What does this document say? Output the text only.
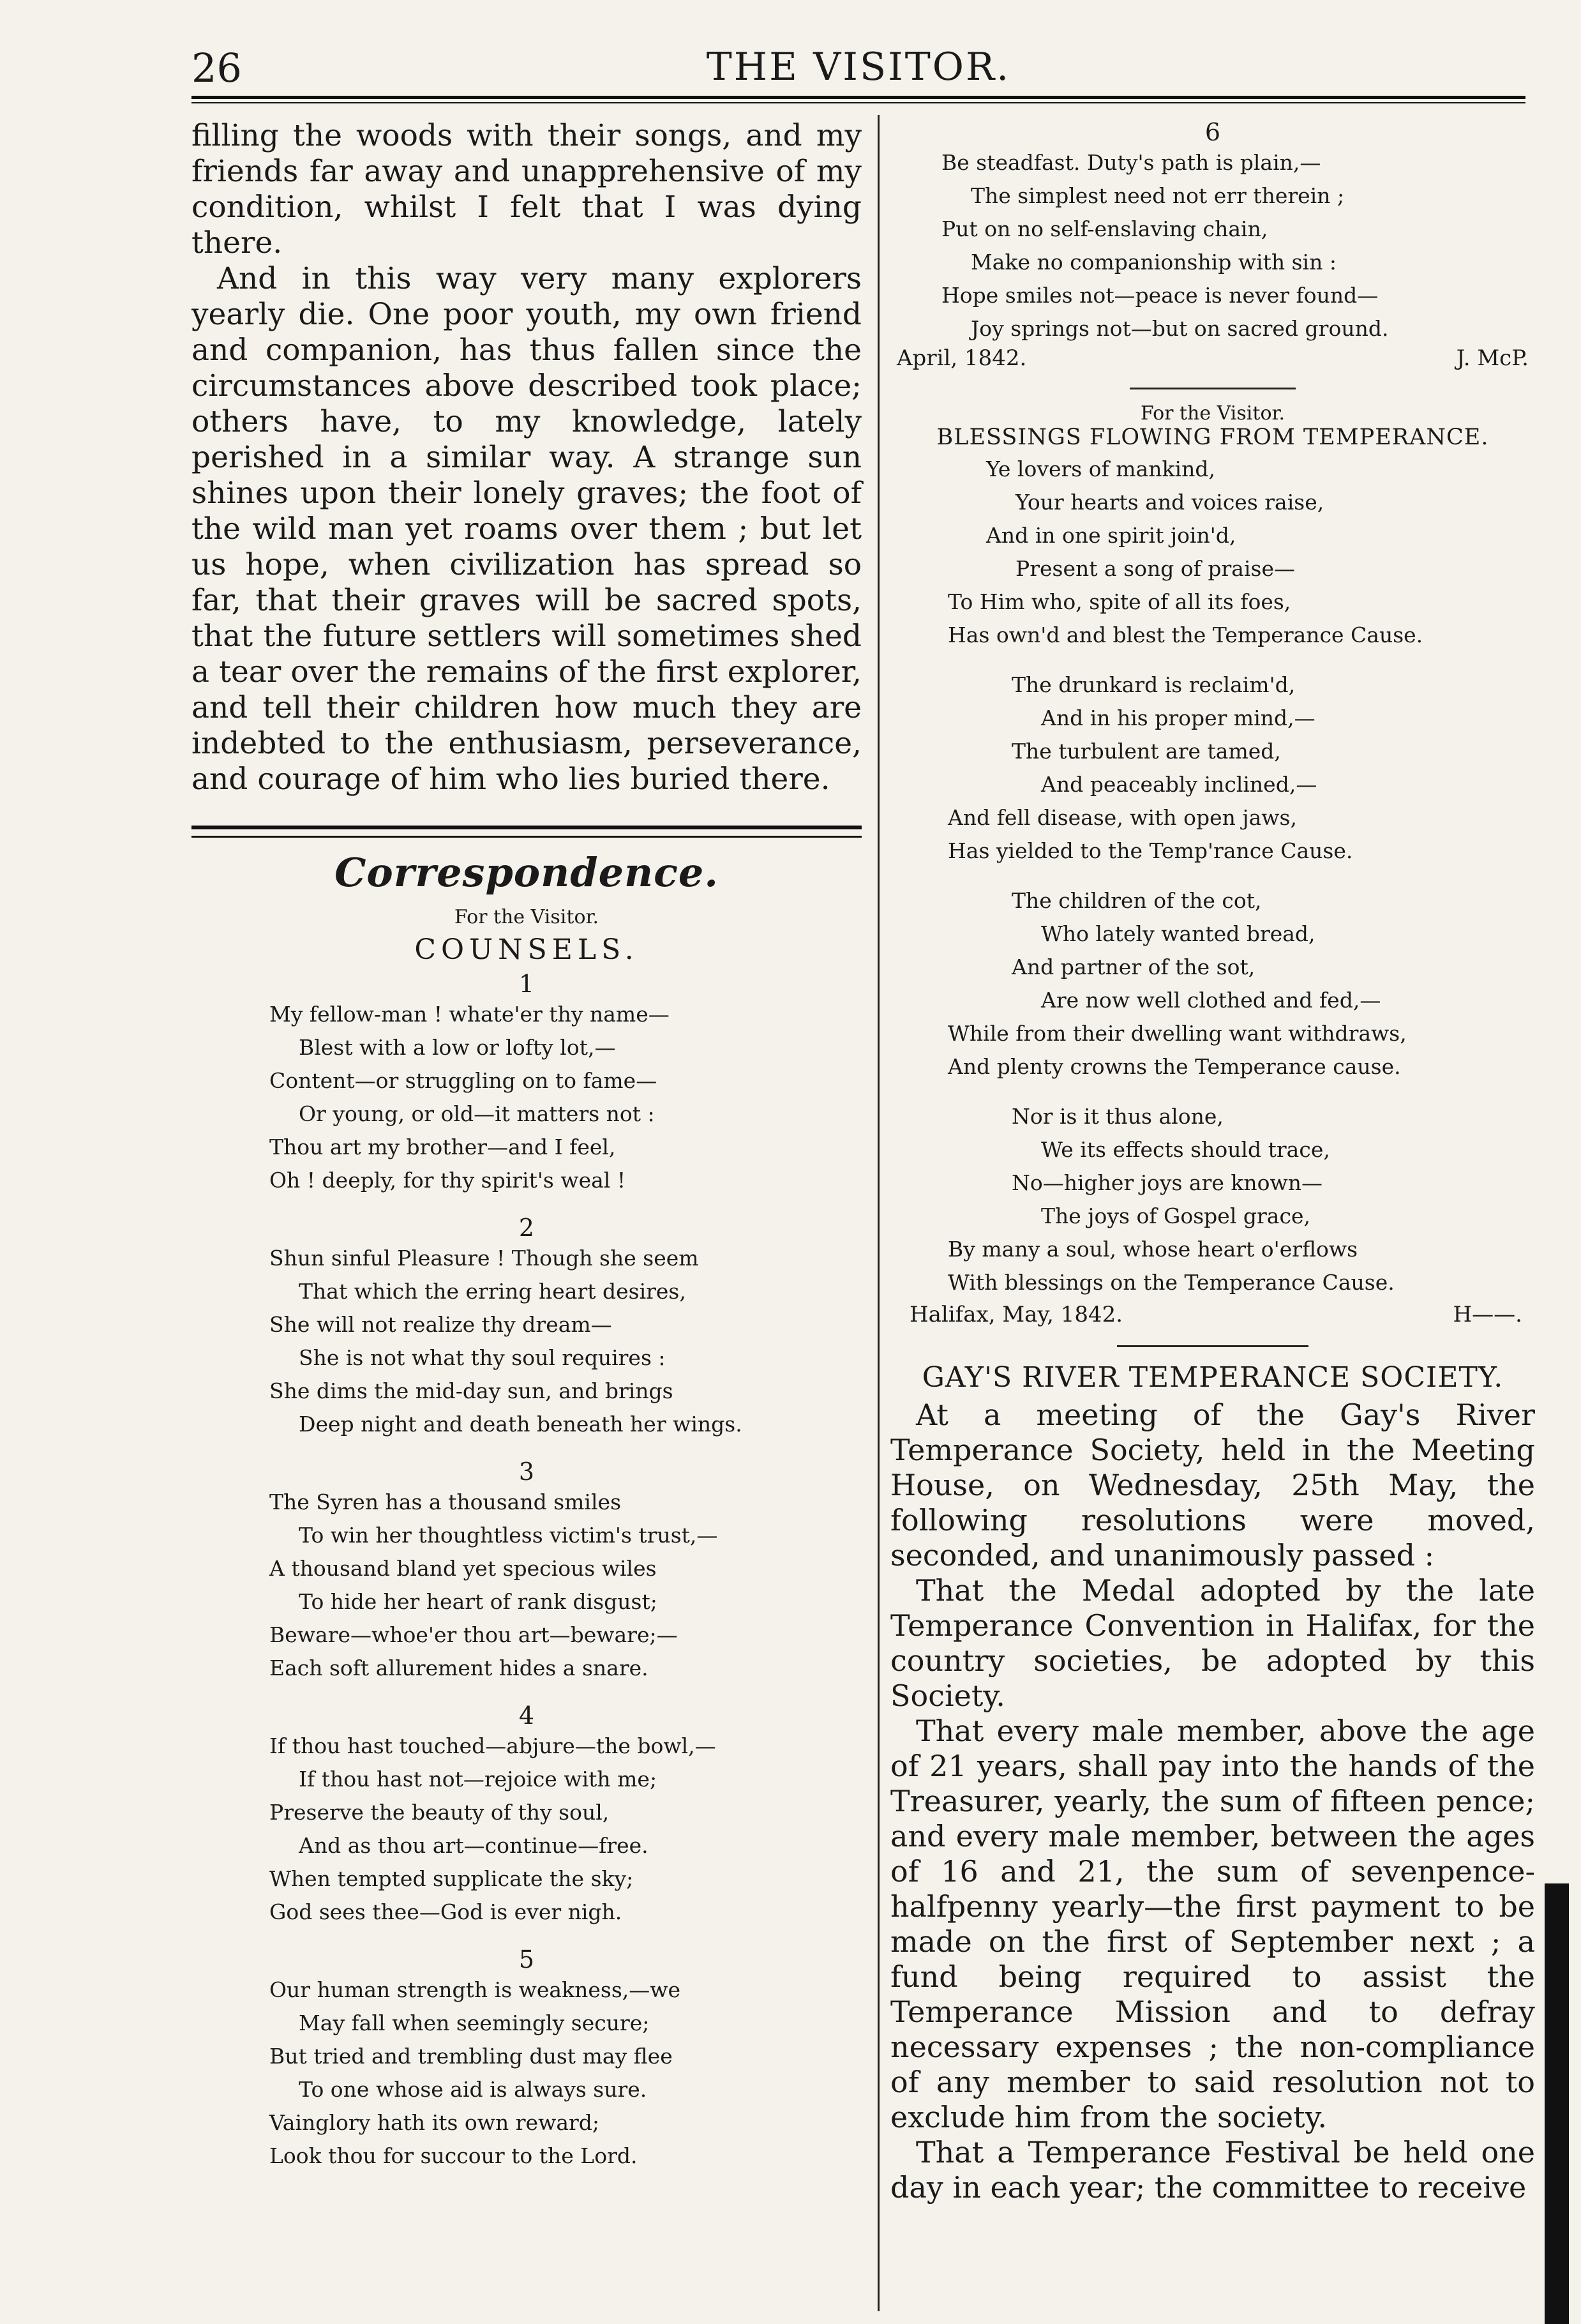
26	THE VISITOR.

filling the woods with their songs, and my friends far away and unapprehensive of my condition, whilst I felt that I was dying there.

And in this way very many explorers yearly die. One poor youth, my own friend and companion, has thus fallen since the circumstances above described took place; others have, to my knowledge, lately perished in a similar way. A strange sun shines upon their lonely graves; the foot of the wild man yet roams over them ; but let us hope, when civilization has spread so far, that their graves will be sacred spots, that the future settlers will sometimes shed a tear over the remains of the first explorer, and tell their children how much they are indebted to the enthusiasm, perseverance, and courage of him who lies buried there.

Correspondence.
For the Visitor.
COUNSELS.
1
My fellow-man ! whate'er thy name—
Blest with a low or lofty lot,—
Content—or struggling on to fame—
Or young, or old—it matters not :
Thou art my brother—and I feel,
Oh ! deeply, for thy spirit's weal !
2
Shun sinful Pleasure ! Though she seem
That which the erring heart desires,
She will not realize thy dream—
She is not what thy soul requires :
She dims the mid-day sun, and brings
Deep night and death beneath her wings.
3
The Syren has a thousand smiles
To win her thoughtless victim's trust,—
A thousand bland yet specious wiles
To hide her heart of rank disgust;
Beware—whoe'er thou art—beware;—
Each soft allurement hides a snare.
4
If thou hast touched—abjure—the bowl,—
If thou hast not—rejoice with me;
Preserve the beauty of thy soul,
And as thou art—continue—free.
When tempted supplicate the sky;
God sees thee—God is ever nigh.
5
Our human strength is weakness,—we
May fall when seemingly secure;
But tried and trembling dust may flee
To one whose aid is always sure.
Vainglory hath its own reward;
Look thou for succour to the Lord.
6
Be steadfast. Duty's path is plain,—
The simplest need not err therein ;
Put on no self-enslaving chain,
Make no companionship with sin :
Hope smiles not—peace is never found—
Joy springs not—but on sacred ground.
April, 1842.	J. McP.
For the Visitor.
BLESSINGS FLOWING FROM TEMPERANCE.
Ye lovers of mankind,
Your hearts and voices raise,
And in one spirit join'd,
Present a song of praise—
To Him who, spite of all its foes,
Has own'd and blest the Temperance Cause.
The drunkard is reclaim'd,
And in his proper mind,—
The turbulent are tamed,
And peaceably inclined,—
And fell disease, with open jaws,
Has yielded to the Temp'rance Cause.
The children of the cot,
Who lately wanted bread,
And partner of the sot,
Are now well clothed and fed,—
While from their dwelling want withdraws,
And plenty crowns the Temperance cause.
Nor is it thus alone,
We its effects should trace,
No—higher joys are known—
The joys of Gospel grace,
By many a soul, whose heart o'erflows
With blessings on the Temperance Cause.
Halifax, May, 1842.	H——.
GAY'S RIVER TEMPERANCE SOCIETY.

At a meeting of the Gay's River Temperance Society, held in the Meeting House, on Wednesday, 25th May, the following resolutions were moved, seconded, and unanimously passed :

That the Medal adopted by the late Temperance Convention in Halifax, for the country societies, be adopted by this Society.

That every male member, above the age of 21 years, shall pay into the hands of the Treasurer, yearly, the sum of fifteen pence; and every male member, between the ages of 16 and 21, the sum of sevenpence-halfpenny yearly—the first payment to be made on the first of September next ; a fund being required to assist the Temperance Mission and to defray necessary expenses ; the non-compliance of any member to said resolution not to exclude him from the society.

That a Temperance Festival be held one day in each year; the committee to receive
